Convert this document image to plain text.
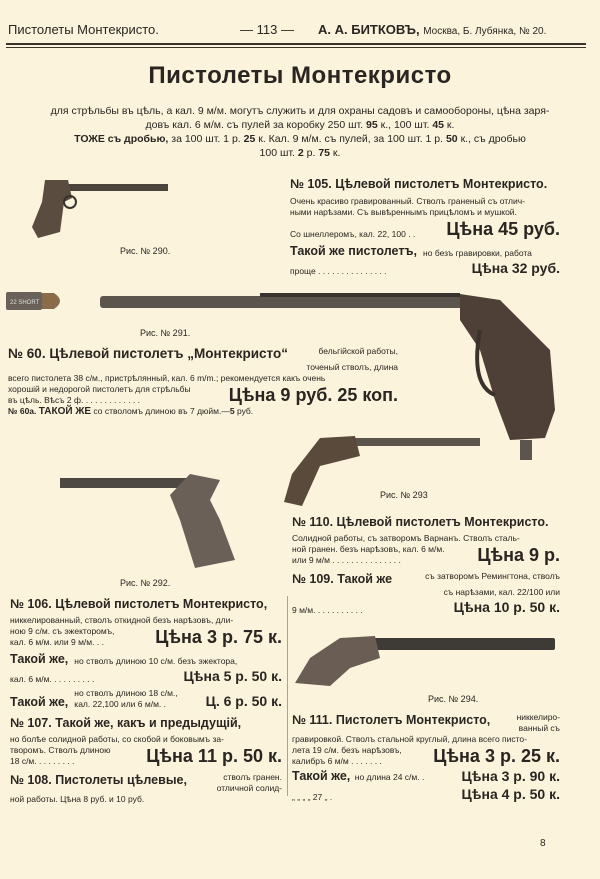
Пистолеты Монтекристо.	— 113 — А. А. БИТКОВЪ, Москва, Б. Лубянка, № 20.
Пистолеты Монтекристо
для стрѣльбы въ цѣль, а кал. 9 м/м. могутъ служить и для охраны садовъ и самообороны, цѣна заря-
довъ кал. 6 м/м. съ пулей за коробку 250 шт. 95 к., 100 шт. 45 к.
ТОЖЕ съ дробью, за 100 шт. 1 р. 25 к. Кал. 9 м/м. съ пулей, за 100 шт. 1 р. 50 к., съ дробью
100 шт. 2 р. 75 к.
Рис. № 290.
22 SHORT
Рис. № 291.
№ 105. Цѣлевой пистолетъ Монтекристо.
Очень красиво гравированный. Стволъ граненый съ отлич-
ными нарѣзами. Съ вывѣреннымъ прицѣломъ и мушкой.
Со шнеллеромъ, кал. 22, 100 . .	Цѣна 45 руб.
Такой же пистолетъ, но безъ гравировки, работа
проще . . . . . . . . . . . . . . .	Цѣна 32 руб.
№ 60. Цѣлевой пистолетъ „Монтекристо“	бельгійской работы,
точеный стволъ, длина
всего пистолета 38 с/м., пристрѣлянный, кал. 6 m/m.; рекомендуется какъ очень
хорошій и недорогой пистолетъ для стрѣльбы
въ цѣль. Вѣсъ 2 ф. . . . . . . . . . . . .	Цѣна 9 руб. 25 коп.
№ 60а. ТАКОЙ ЖЕ со стволомъ длиною въ 7 дюйм.—5 руб.
Рис. № 293
Рис. № 292.
№ 110. Цѣлевой пистолетъ Монтекристо.
Солидной работы, съ затворомъ Варнанъ. Стволъ сталь-
ной гранен. безъ нарѣзовъ, кал. 6 м/м.
или 9 м/м . . . . . . . . . . . . . . .	Цѣна 9 р.
№ 109. Такой же	съ затворомъ Ремингтона, стволъ
съ нарѣзами, кал. 22/100 или
9 м/м. . . . . . . . . . .	Цѣна 10 р. 50 к.
Рис. № 294.
№ 106. Цѣлевой пистолетъ Монтекристо,
никкелированный, стволъ откидной безъ нарѣзовъ, дли-
ною 9 с/м. съ эжекторомъ,
кал. 6 м/м. или 9 м/м. . .	Цѣна 3 р. 75 к.
Такой же, но стволъ длиною 10 с/м. безъ эжектора,
кал. 6 м/м. . . . . . . . . .	Цѣна 5 р. 50 к.
Такой же,
но стволъ длиною 18 с/м.,
кал. 22,100 или 6 м/м. .	Ц. 6 р. 50 к.
№ 107. Такой же, какъ и предыдущій,
но болѣе солидной работы, со скобой и боковымъ за-
творомъ. Стволъ длиною
18 с/м. . . . . . . . .	Цѣна 11 р. 50 к.
№ 108. Пистолеты цѣлевые,	стволъ гранен.
отличной солид-
ной работы. Цѣна 8 руб. и 10 руб.
№ 111. Пистолетъ Монтекристо,	никкелиро-
ванный съ
гравировкой. Стволъ стальной круглый, длина всего писто-
лета 19 с/м. безъ нарѣзовъ,
калибръ 6 м/м . . . . . . .	Цѣна 3 р. 25 к.
Такой же, но длина 24 с/м. .	Цѣна 3 р. 90 к.
„ „ „ „ 27 „ .	Цѣна 4 р. 50 к.
8
